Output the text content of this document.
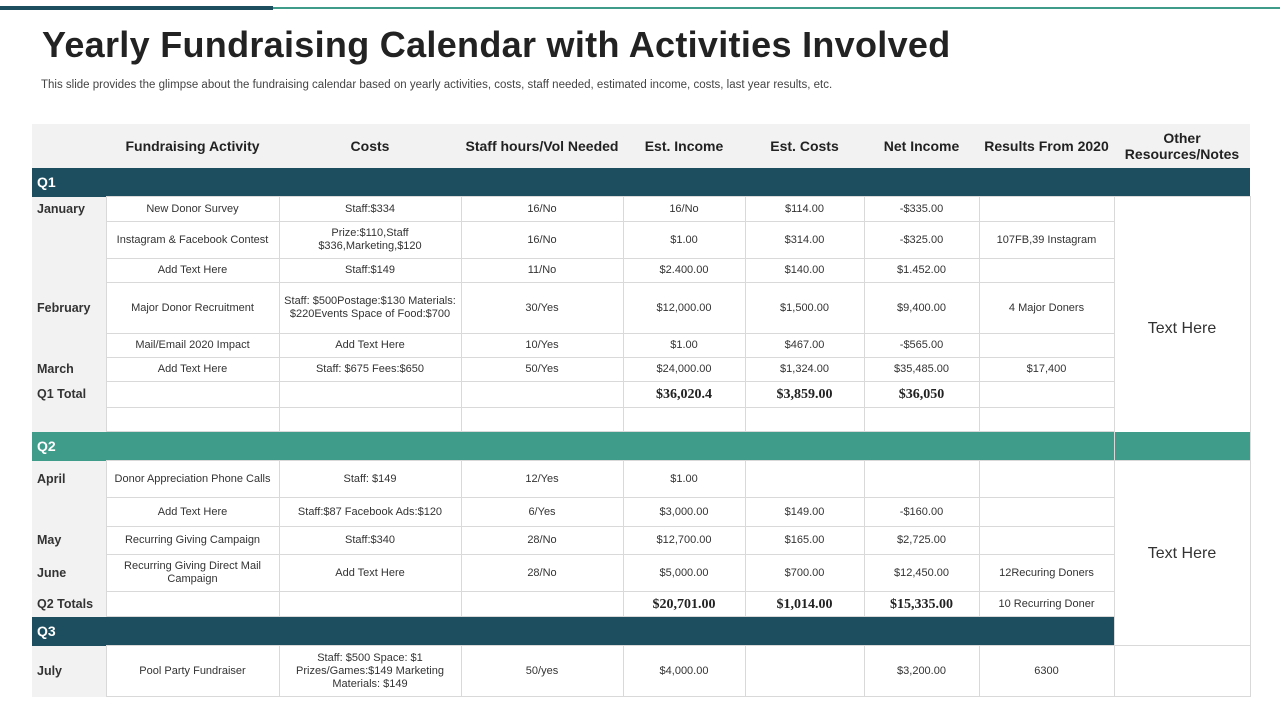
Yearly Fundraising Calendar with Activities Involved

This slide provides the glimpse about the fundraising calendar based on yearly activities, costs, staff needed, estimated income, costs, last year results, etc.

	Fundraising Activity	Costs	Staff hours/Vol Needed	Est. Income	Est. Costs	Net Income	Results From 2020	Other Resources/Notes
Q1								
January	New Donor Survey	Staff:$334	16/No	16/No	$114.00	-$335.00		Text Here
	Instagram & Facebook Contest	Prize:$110,Staff $336,Marketing,$120	16/No	$1.00	$314.00	-$325.00	107FB,39 Instagram	
	Add Text Here	Staff:$149	11/No	$2.400.00	$140.00	$1.452.00		
February	Major Donor Recruitment	Staff: $500Postage:$130 Materials: $220Events Space of Food:$700	30/Yes	$12,000.00	$1,500.00	$9,400.00	4 Major Doners	
	Mail/Email 2020 Impact	Add Text Here	10/Yes	$1.00	$467.00	-$565.00		
March	Add Text Here	Staff: $675 Fees:$650	50/Yes	$24,000.00	$1,324.00	$35,485.00	$17,400	
Q1 Total				$36,020.4	$3,859.00	$36,050		

Q2								
April	Donor Appreciation Phone Calls	Staff: $149	12/Yes	$1.00				Text Here
	Add Text Here	Staff:$87 Facebook Ads:$120	6/Yes	$3,000.00	$149.00	-$160.00		
May	Recurring Giving Campaign	Staff:$340	28/No	$12,700.00	$165.00	$2,725.00		
June	Recurring Giving Direct Mail Campaign	Add Text Here	28/No	$5,000.00	$700.00	$12,450.00	12Recuring Doners	
Q2 Totals				$20,701.00	$1,014.00	$15,335.00	10 Recurring Doner	
Q3								
July	Pool Party Fundraiser	Staff: $500 Space: $1 Prizes/Games:$149 Marketing Materials: $149	50/yes	$4,000.00		$3,200.00	6300	
